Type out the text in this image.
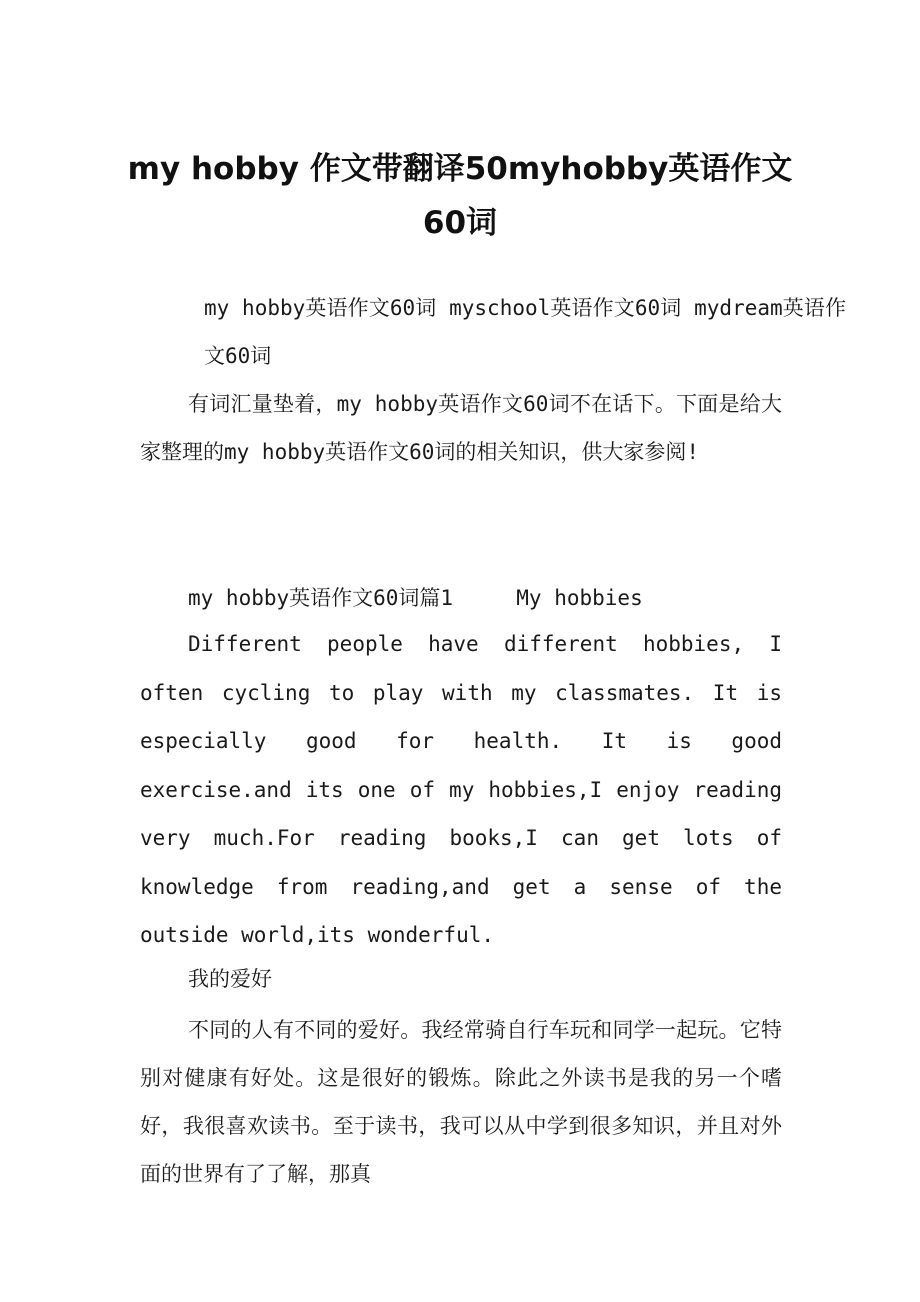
my hobby 作文带翻译50myhobby英语作文60词
my hobby英语作文60词 myschool英语作文60词 mydream英语作文60词
有词汇量垫着，my hobby英语作文60词不在话下。下面是给大家整理的my hobby英语作文60词的相关知识，供大家参阅!
my hobby英语作文60词篇1     My hobbies
Different people have different hobbies, I often cycling to play with my classmates. It is especially good for health. It is good exercise.and its one of my hobbies,I enjoy reading very much.For reading books,I can get lots of knowledge from reading,and get a sense of the outside world,its wonderful.
我的爱好
不同的人有不同的爱好。我经常骑自行车玩和同学一起玩。它特别对健康有好处。这是很好的锻炼。除此之外读书是我的另一个嗜好，我很喜欢读书。至于读书，我可以从中学到很多知识，并且对外面的世界有了了解，那真
